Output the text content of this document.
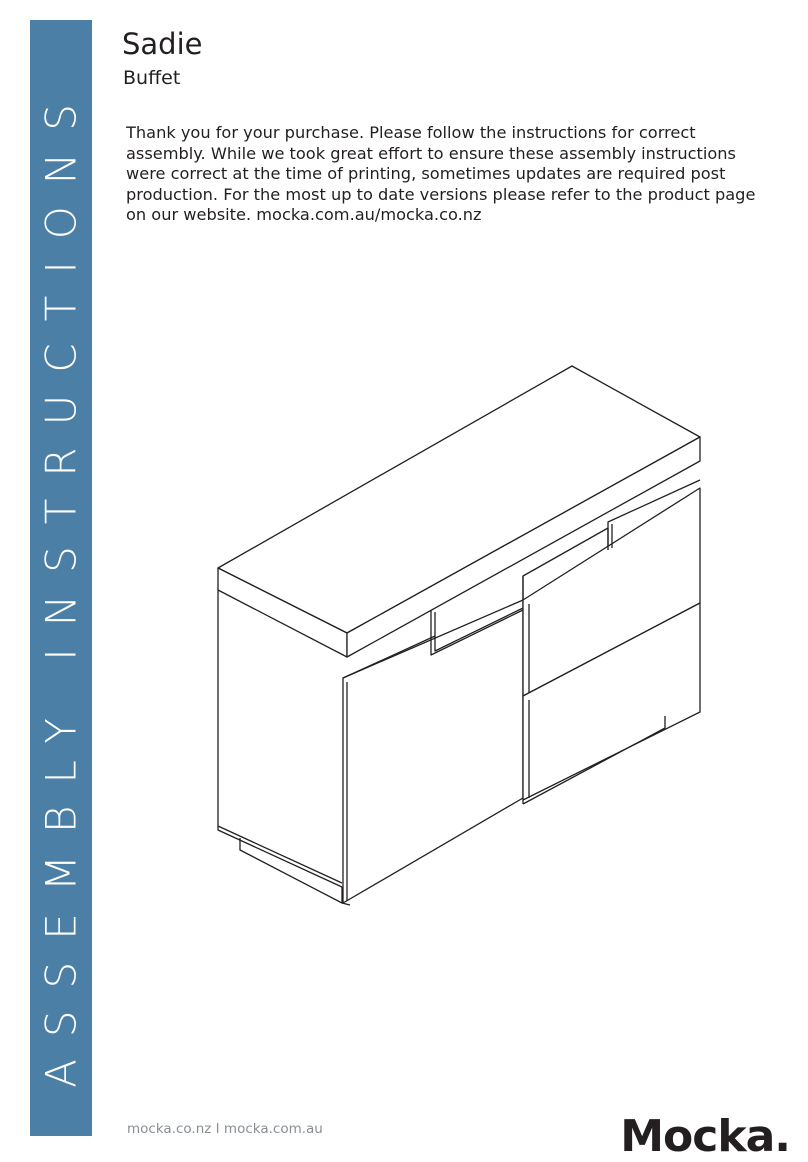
ASSEMBLY INSTRUCTIONS
Sadie
Buffet

Thank you for your purchase. Please follow the instructions for correct assembly. While we took great effort to ensure these assembly instructions were correct at the time of printing, sometimes updates are required post production. For the most up to date versions please refer to the product page on our website. mocka.com.au/mocka.co.nz

mocka.co.nz I mocka.com.au	Mocka.
